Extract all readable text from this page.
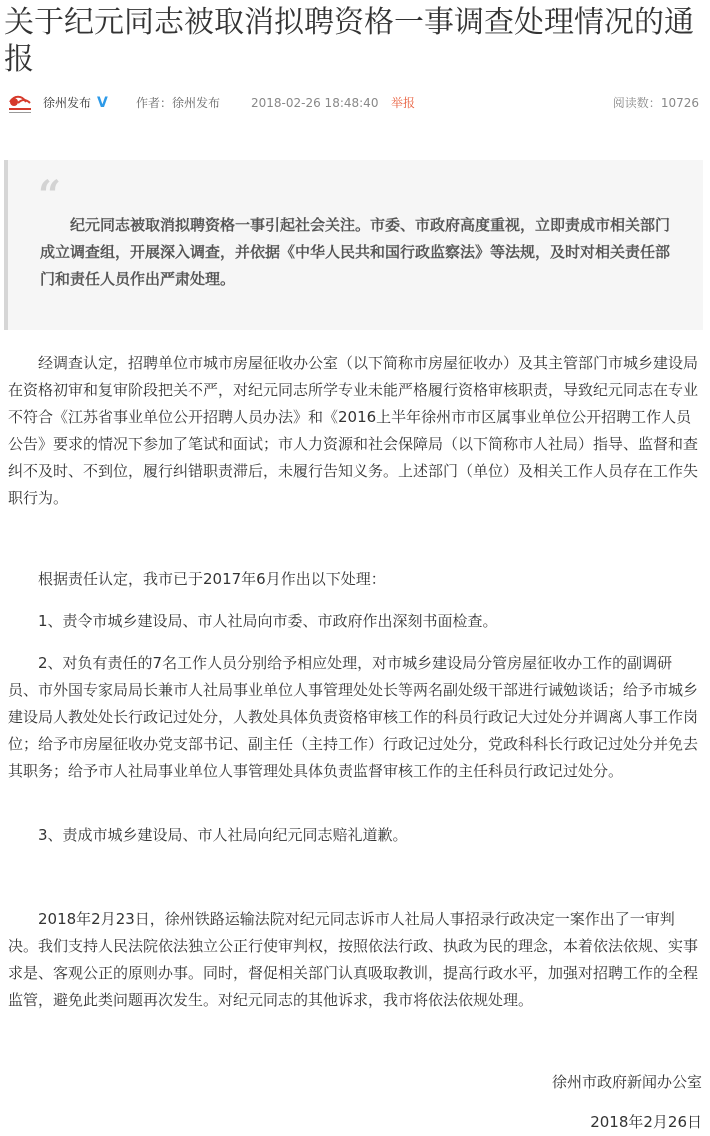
关于纪元同志被取消拟聘资格一事调查处理情况的通报
徐州发布 V 作者：徐州发布	2018-02-26 18:48:40 举报	阅读数：10726
“

纪元同志被取消拟聘资格一事引起社会关注。市委、市政府高度重视，立即责成市相关部门成立调查组，开展深入调查，并依据《中华人民共和国行政监察法》等法规，及时对相关责任部门和责任人员作出严肃处理。

经调查认定，招聘单位市城市房屋征收办公室（以下简称市房屋征收办）及其主管部门市城乡建设局在资格初审和复审阶段把关不严，对纪元同志所学专业未能严格履行资格审核职责，导致纪元同志在专业不符合《江苏省事业单位公开招聘人员办法》和《2016上半年徐州市市区属事业单位公开招聘工作人员公告》要求的情况下参加了笔试和面试；市人力资源和社会保障局（以下简称市人社局）指导、监督和查纠不及时、不到位，履行纠错职责滞后，未履行告知义务。上述部门（单位）及相关工作人员存在工作失职行为。

根据责任认定，我市已于2017年6月作出以下处理：

1、责令市城乡建设局、市人社局向市委、市政府作出深刻书面检查。

2、对负有责任的7名工作人员分别给予相应处理，对市城乡建设局分管房屋征收办工作的副调研员、市外国专家局局长兼市人社局事业单位人事管理处处长等两名副处级干部进行诫勉谈话；给予市城乡建设局人教处处长行政记过处分，人教处具体负责资格审核工作的科员行政记大过处分并调离人事工作岗位；给予市房屋征收办党支部书记、副主任（主持工作）行政记过处分，党政科科长行政记过处分并免去其职务；给予市人社局事业单位人事管理处具体负责监督审核工作的主任科员行政记过处分。

3、责成市城乡建设局、市人社局向纪元同志赔礼道歉。

2018年2月23日，徐州铁路运输法院对纪元同志诉市人社局人事招录行政决定一案作出了一审判决。我们支持人民法院依法独立公正行使审判权，按照依法行政、执政为民的理念，本着依法依规、实事求是、客观公正的原则办事。同时，督促相关部门认真吸取教训，提高行政水平，加强对招聘工作的全程监管，避免此类问题再次发生。对纪元同志的其他诉求，我市将依法依规处理。

徐州市政府新闻办公室

2018年2月26日
